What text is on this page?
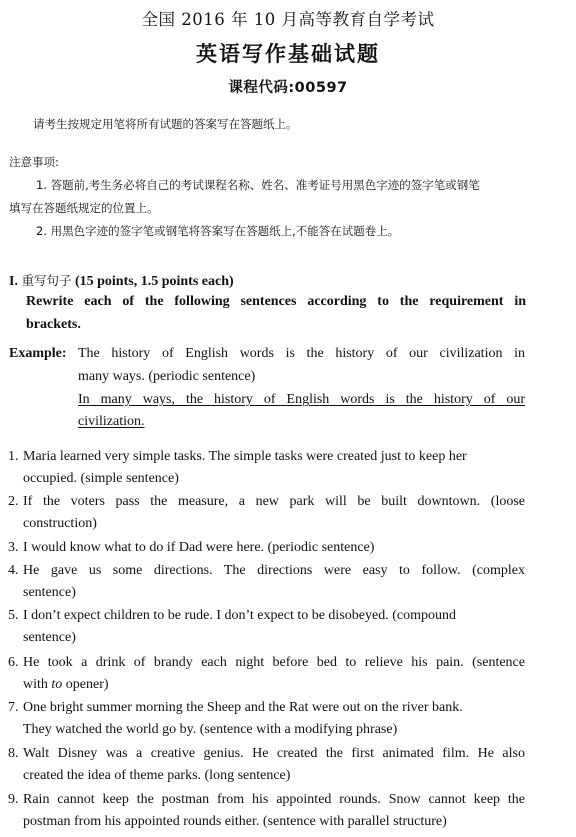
全国 2016 年 10 月高等教育自学考试
英语写作基础试题
课程代码:00597
请考生按规定用笔将所有试题的答案写在答题纸上。
注意事项:
1. 答题前,考生务必将自己的考试课程名称、姓名、准考证号用黑色字迹的签字笔或钢笔
填写在答题纸规定的位置上。
2. 用黑色字迹的签字笔或钢笔将答案写在答题纸上,不能答在试题卷上。
I. 重写句子 (15 points, 1.5 points each)
Rewrite each of the following sentences according to the requirement in
brackets.
Example: The history of English words is the history of our civilization in
many ways. (periodic sentence)
In many ways, the history of English words is the history of our
civilization.
1. Maria learned very simple tasks. The simple tasks were created just to keep her
occupied. (simple sentence)
2. If the voters pass the measure, a new park will be built downtown. (loose
construction)
3. I would know what to do if Dad were here. (periodic sentence)
4. He gave us some directions. The directions were easy to follow. (complex
sentence)
5. I don’t expect children to be rude. I don’t expect to be disobeyed. (compound
sentence)
6. He took a drink of brandy each night before bed to relieve his pain. (sentence
with to opener)
7. One bright summer morning the Sheep and the Rat were out on the river bank.
They watched the world go by. (sentence with a modifying phrase)
8. Walt Disney was a creative genius. He created the first animated film. He also
created the idea of theme parks. (long sentence)
9. Rain cannot keep the postman from his appointed rounds. Snow cannot keep the
postman from his appointed rounds either. (sentence with parallel structure)
